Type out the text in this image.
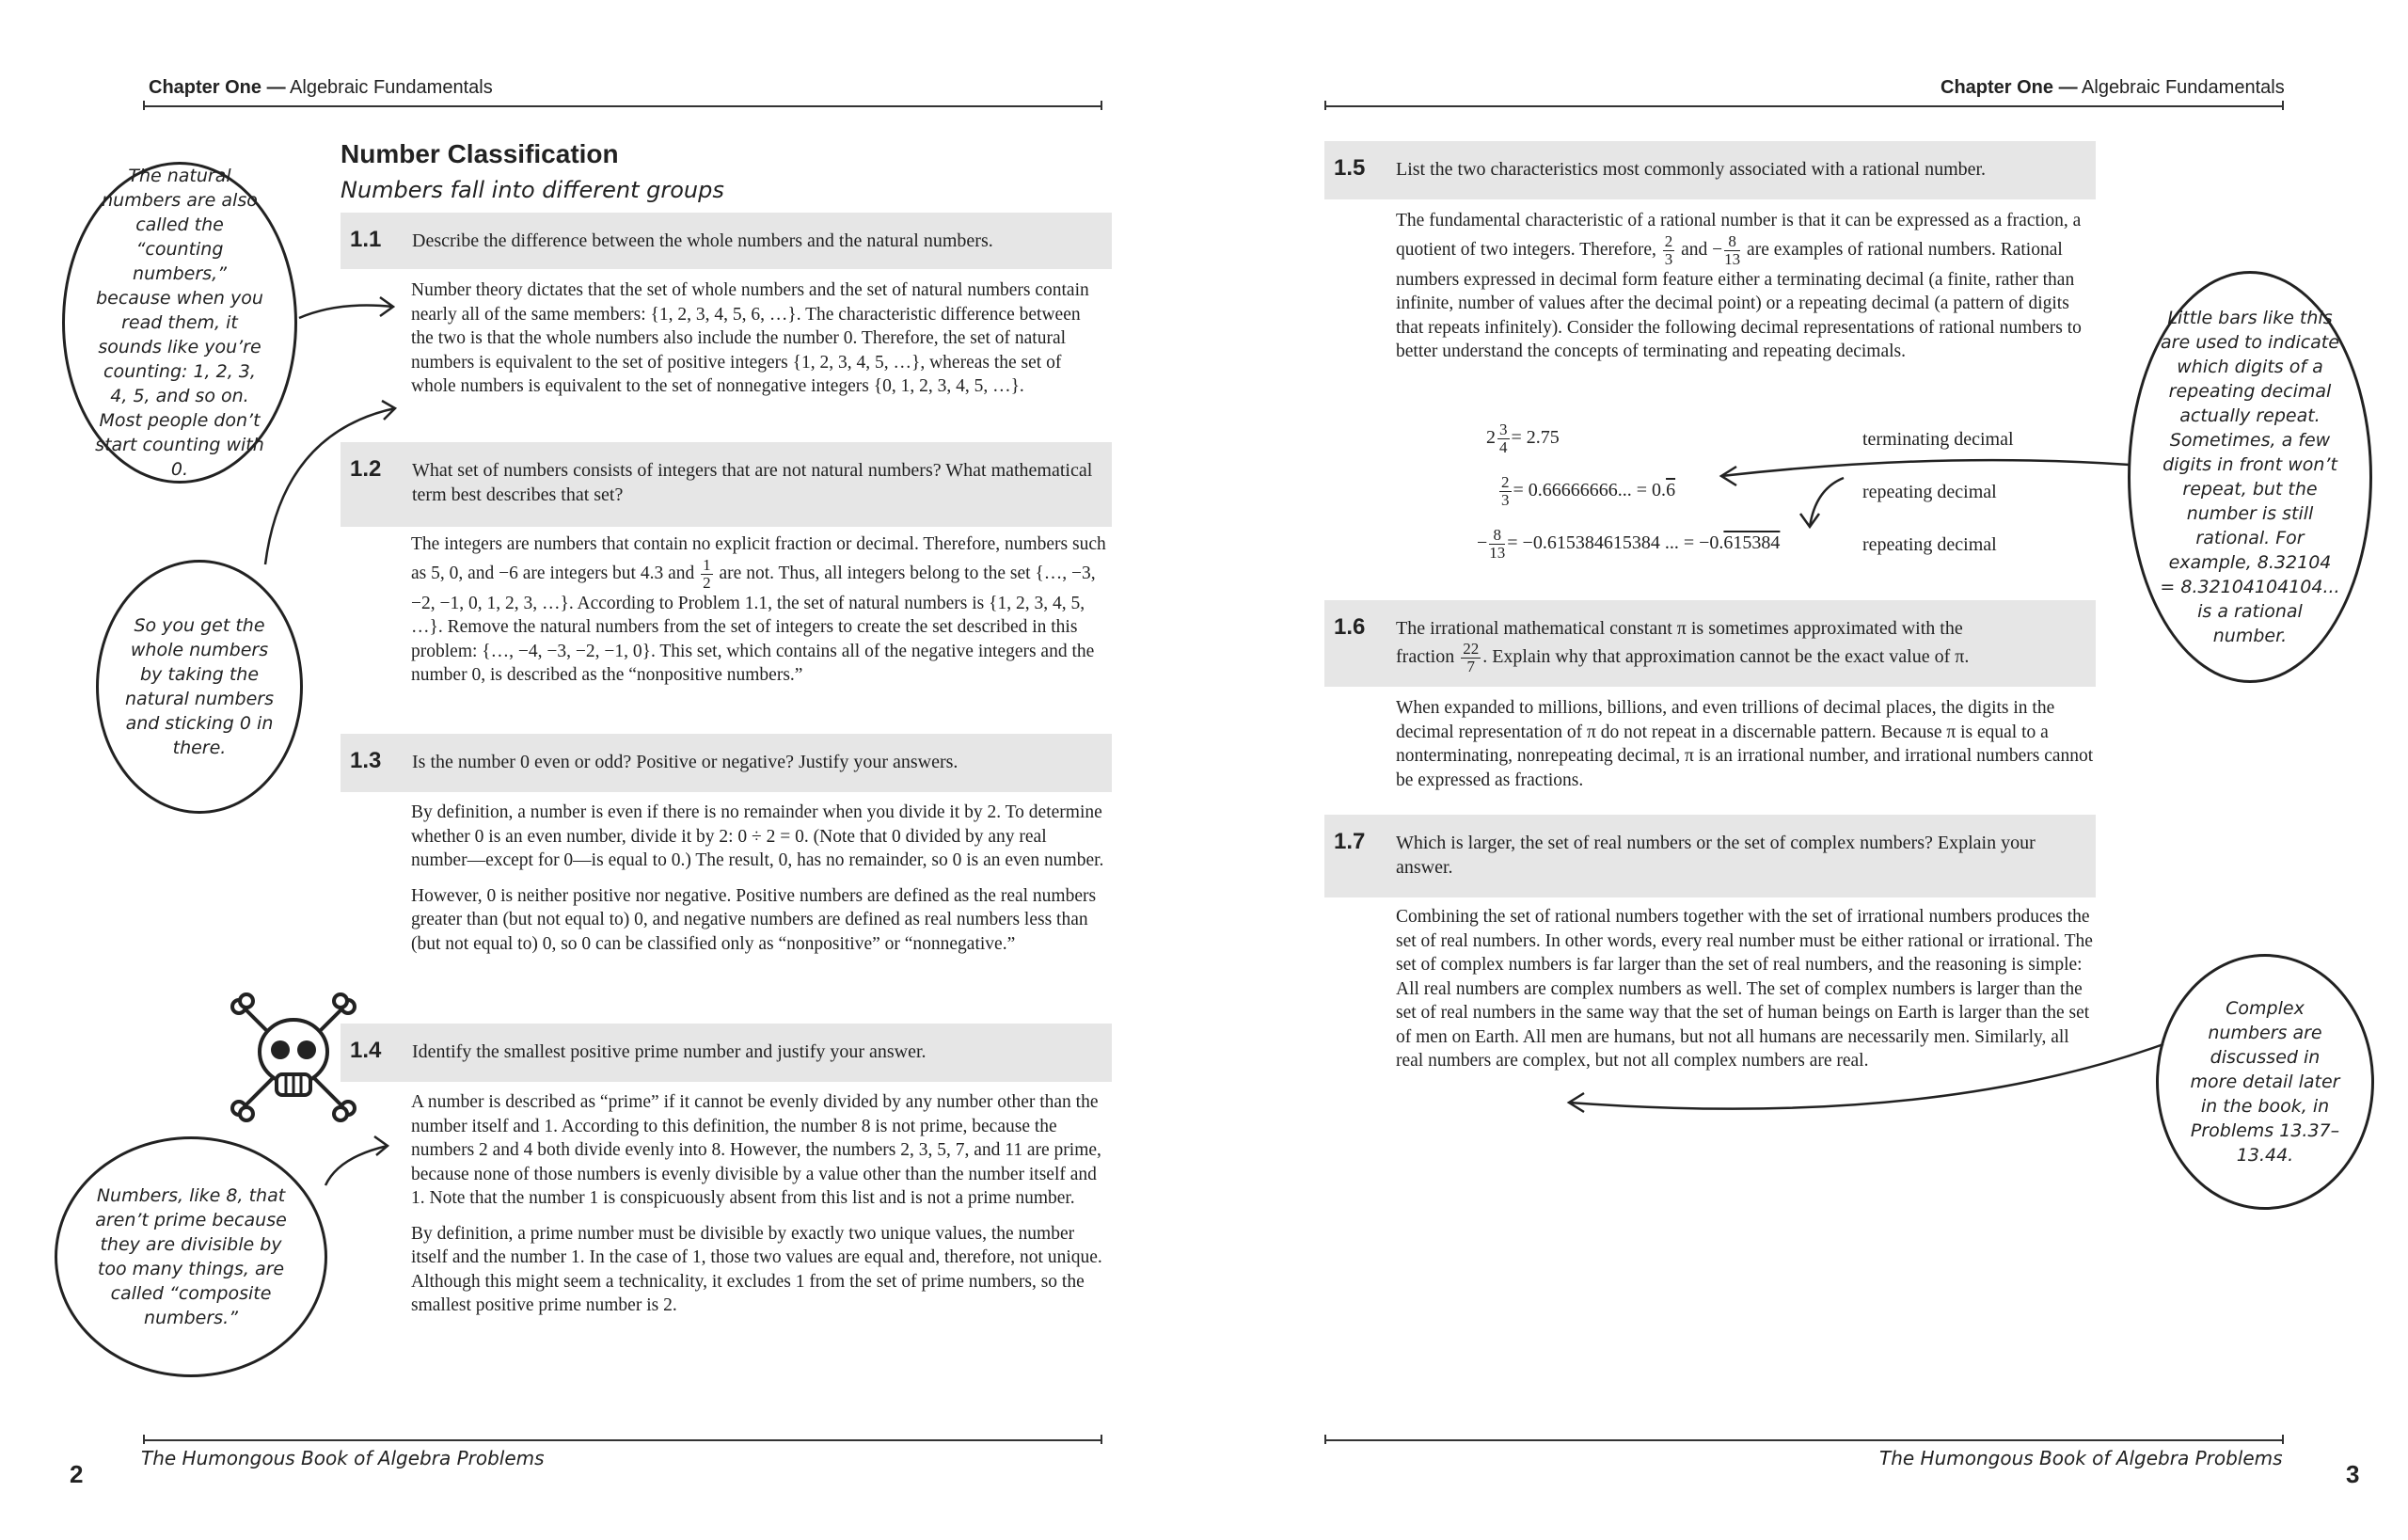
Chapter One — Algebraic Fundamentals
Number Classification
Numbers fall into different groups
1.1 Describe the difference between the whole numbers and the natural numbers.

Number theory dictates that the set of whole numbers and the set of natural numbers contain nearly all of the same members: {1, 2, 3, 4, 5, 6, …}. The characteristic difference between the two is that the whole numbers also include the number 0. Therefore, the set of natural numbers is equivalent to the set of positive integers {1, 2, 3, 4, 5, …}, whereas the set of whole numbers is equivalent to the set of nonnegative integers {0, 1, 2, 3, 4, 5, …}.

1.2 What set of numbers consists of integers that are not natural numbers? What mathematical term best describes that set?

The integers are numbers that contain no explicit fraction or decimal. Therefore, numbers such as 5, 0, and −6 are integers but 4.3 and $\frac{1}{2}$ are not. Thus, all integers belong to the set {…, −3, −2, −1, 0, 1, 2, 3, …}. According to Problem 1.1, the set of natural numbers is {1, 2, 3, 4, 5, …}. Remove the natural numbers from the set of integers to create the set described in this problem: {…, −4, −3, −2, −1, 0}. This set, which contains all of the negative integers and the number 0, is described as the “nonpositive numbers.”

1.3 Is the number 0 even or odd? Positive or negative? Justify your answers.

By definition, a number is even if there is no remainder when you divide it by 2. To determine whether 0 is an even number, divide it by 2: 0 ÷ 2 = 0. (Note that 0 divided by any real number—except for 0—is equal to 0.) The result, 0, has no remainder, so 0 is an even number.

However, 0 is neither positive nor negative. Positive numbers are defined as the real numbers greater than (but not equal to) 0, and negative numbers are defined as real numbers less than (but not equal to) 0, so 0 can be classified only as “nonpositive” or “nonnegative.”

1.4 Identify the smallest positive prime number and justify your answer.

A number is described as “prime” if it cannot be evenly divided by any number other than the number itself and 1. According to this definition, the number 8 is not prime, because the numbers 2 and 4 both divide evenly into 8. However, the numbers 2, 3, 5, 7, and 11 are prime, because none of those numbers is evenly divisible by a value other than the number itself and 1. Note that the number 1 is conspicuously absent from this list and is not a prime number.

By definition, a prime number must be divisible by exactly two unique values, the number itself and the number 1. In the case of 1, those two values are equal and, therefore, not unique. Although this might seem a technicality, it excludes 1 from the set of prime numbers, so the smallest positive prime number is 2.

The natural numbers are also called the “counting numbers,” because when you read them, it sounds like you’re counting: 1, 2, 3, 4, 5, and so on. Most people don’t start counting with 0.
So you get the whole numbers by taking the natural numbers and sticking 0 in there.
Numbers, like 8, that aren’t prime because they are divisible by too many things, are called “composite numbers.”
The Humongous Book of Algebra Problems
2
Chapter One — Algebraic Fundamentals
1.5 List the two characteristics most commonly associated with a rational number.

The fundamental characteristic of a rational number is that it can be expressed as a fraction, a quotient of two integers. Therefore, $\frac{2}{3}$ and − $\frac{8}{13}$ are examples of rational numbers. Rational numbers expressed in decimal form feature either a terminating decimal (a finite, rather than infinite, number of values after the decimal point) or a repeating decimal (a pattern of digits that repeats infinitely). Consider the following decimal representations of rational numbers to better understand the concepts of terminating and repeating decimals.

$2 \frac{3}{4} = 2.75$	terminating decimal
$\frac{2}{3} = 0.66666666$... = 0.6	repeating decimal
− $\frac{8}{13} = -0.615384615384$ ... = −0.615384	repeating decimal
1.6 The irrational mathematical constant π is sometimes approximated with the
fraction $\frac{22}{7}$ . Explain why that approximation cannot be the exact value of π.

When expanded to millions, billions, and even trillions of decimal places, the digits in the decimal representation of π do not repeat in a discernable pattern. Because π is equal to a nonterminating, nonrepeating decimal, π is an irrational number, and irrational numbers cannot be expressed as fractions.

1.7 Which is larger, the set of real numbers or the set of complex numbers? Explain your answer.

Combining the set of rational numbers together with the set of irrational numbers produces the set of real numbers. In other words, every real number must be either rational or irrational. The set of complex numbers is far larger than the set of real numbers, and the reasoning is simple: All real numbers are complex numbers as well. The set of complex numbers is larger than the set of real numbers in the same way that the set of human beings on Earth is larger than the set of men on Earth. All men are humans, but not all humans are necessarily men. Similarly, all real numbers are complex, but not all complex numbers are real.

Little bars like this are used to indicate which digits of a repeating decimal actually repeat. Sometimes, a few digits in front won’t repeat, but the number is still rational. For example, 8.32104 = 8.32104104104... is a rational number.
Complex numbers are discussed in more detail later in the book, in Problems 13.37–13.44.
The Humongous Book of Algebra Problems
3
